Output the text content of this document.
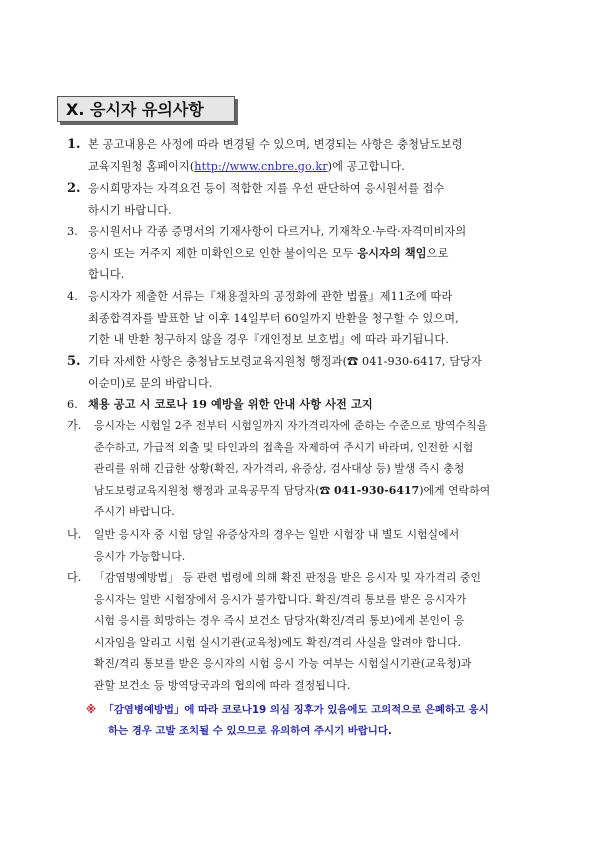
Ⅹ. 응시자 유의사항
1. 본 공고내용은 사정에 따라 변경될 수 있으며, 변경되는 사항은 충청남도보령
교육지원청 홈페이지(http://www.cnbre.go.kr)에 공고합니다.
2. 응시희망자는 자격요건 등이 적합한 지를 우선 판단하여 응시원서를 접수
하시기 바랍니다.
3. 응시원서나 각종 증명서의 기재사항이 다르거나, 기재착오·누락·자격미비자의
응시 또는 거주지 제한 미확인으로 인한 불이익은 모두 응시자의 책임으로
합니다.
4. 응시자가 제출한 서류는『채용절차의 공정화에 관한 법률』제11조에 따라
최종합격자를 발표한 날 이후 14일부터 60일까지 반환을 청구할 수 있으며,
기한 내 반환 청구하지 않을 경우『개인정보 보호법』에 따라 파기됩니다.
5. 기타 자세한 사항은 충청남도보령교육지원청 행정과(☎ 041-930-6417, 담당자
이순미)로 문의 바랍니다.
6. 채용 공고 시 코로나 19 예방을 위한 안내 사항 사전 고지
가. 응시자는 시험일 2주 전부터 시험일까지 자가격리자에 준하는 수준으로 방역수칙을
준수하고, 가급적 외출 및 타인과의 접촉을 자제하여 주시기 바라며, 인전한 시험
관리를 위해 긴급한 상황(확진, 자가격리, 유증상, 검사대상 등) 발생 즉시 충청
남도보령교육지원청 행정과 교육공무직 담당자(☎ 041-930-6417)에게 연락하여
주시기 바랍니다.
나. 일반 응시자 중 시험 당일 유증상자의 경우는 일반 시험장 내 별도 시험실에서
응시가 가능합니다.
다. 「감염병예방법」 등 관련 법령에 의해 확진 판정을 받은 응시자 및 자가격리 중인
응시자는 일반 시험장에서 응시가 불가합니다. 확진/격리 통보를 받은 응시자가
시험 응시를 희망하는 경우 즉시 보건소 담당자(확진/격리 통보)에게 본인이 응
시자임을 알리고 시험 실시기관(교육청)에도 확진/격리 사실을 알려야 합니다.
확진/격리 통보를 받은 응시자의 시험 응시 가능 여부는 시험실시기관(교육청)과
관할 보건소 등 방역당국과의 협의에 따라 결정됩니다.
※ 「감염병예방법」에 따라 코로나19 의심 징후가 있음에도 고의적으로 은폐하고 응시
하는 경우 고발 조치될 수 있으므로 유의하여 주시기 바랍니다.
